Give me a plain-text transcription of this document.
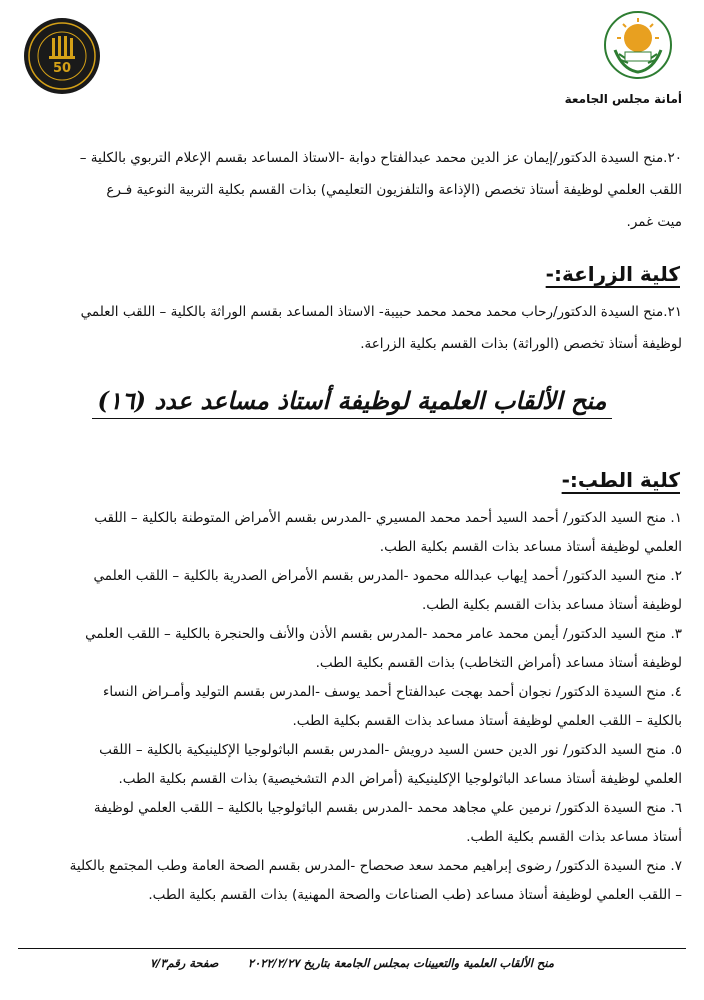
أمانة مجلس الجامعة
50
٢٠.منح السيدة الدكتور/إيمان عز الدين محمد عبدالفتاح دوابة -الاستاذ المساعد بقسم الإعلام التربوي بالكلية –
اللقب العلمي لوظيفة أستاذ تخصص (الإذاعة والتلفزيون التعليمي) بذات القسم بكلية التربية النوعية فـرع
ميت غمر.
كلية الزراعة:-
٢١.منح السيدة الدكتور/رحاب محمد محمد محمد حبيبة- الاستاذ المساعد بقسم الوراثة بالكلية – اللقب العلمي
لوظيفة أستاذ تخصص (الوراثة) بذات القسم بكلية الزراعة.
منح الألقاب العلمية لوظيفة أستاذ مساعد عدد (١٦)
كلية الطب:-
١. منح السيد الدكتور/ أحمد السيد أحمد محمد المسيري -المدرس بقسم الأمراض المتوطنة بالكلية – اللقب
العلمي لوظيفة أستاذ مساعد بذات القسم بكلية الطب.
٢. منح السيد الدكتور/ أحمد إيهاب عبدالله محمود -المدرس بقسم الأمراض الصدرية بالكلية – اللقب العلمي
لوظيفة أستاذ مساعد بذات القسم بكلية الطب.
٣. منح السيد الدكتور/ أيمن محمد عامر محمد -المدرس بقسم الأذن والأنف والحنجرة بالكلية – اللقب العلمي
لوظيفة أستاذ مساعد (أمراض التخاطب) بذات القسم بكلية الطب.
٤. منح السيدة الدكتور/ نجوان أحمد بهجت عبدالفتاح أحمد يوسف -المدرس بقسم التوليد وأمـراض النساء
بالكلية – اللقب العلمي لوظيفة أستاذ مساعد بذات القسم بكلية الطب.
٥. منح السيد الدكتور/ نور الدين حسن السيد درويش -المدرس بقسم الباثولوجيا الإكلينيكية بالكلية – اللقب
العلمي لوظيفة أستاذ مساعد الباثولوجيا الإكلينيكية (أمراض الدم التشخيصية) بذات القسم بكلية الطب.
٦. منح السيدة الدكتور/ نرمين علي مجاهد محمد -المدرس بقسم الباثولوجيا بالكلية – اللقب العلمي لوظيفة
أستاذ مساعد بذات القسم بكلية الطب.
٧. منح السيدة الدكتور/ رضوى إبراهيم محمد سعد صحصاح -المدرس بقسم الصحة العامة وطب المجتمع بالكلية
– اللقب العلمي لوظيفة أستاذ مساعد (طب الصناعات والصحة المهنية) بذات القسم بكلية الطب.
منح الألقاب العلمية والتعيينات بمجلس الجامعة بتاريخ ٢٠٢٢/٢/٢٧
صفحة رقم٧/٣
